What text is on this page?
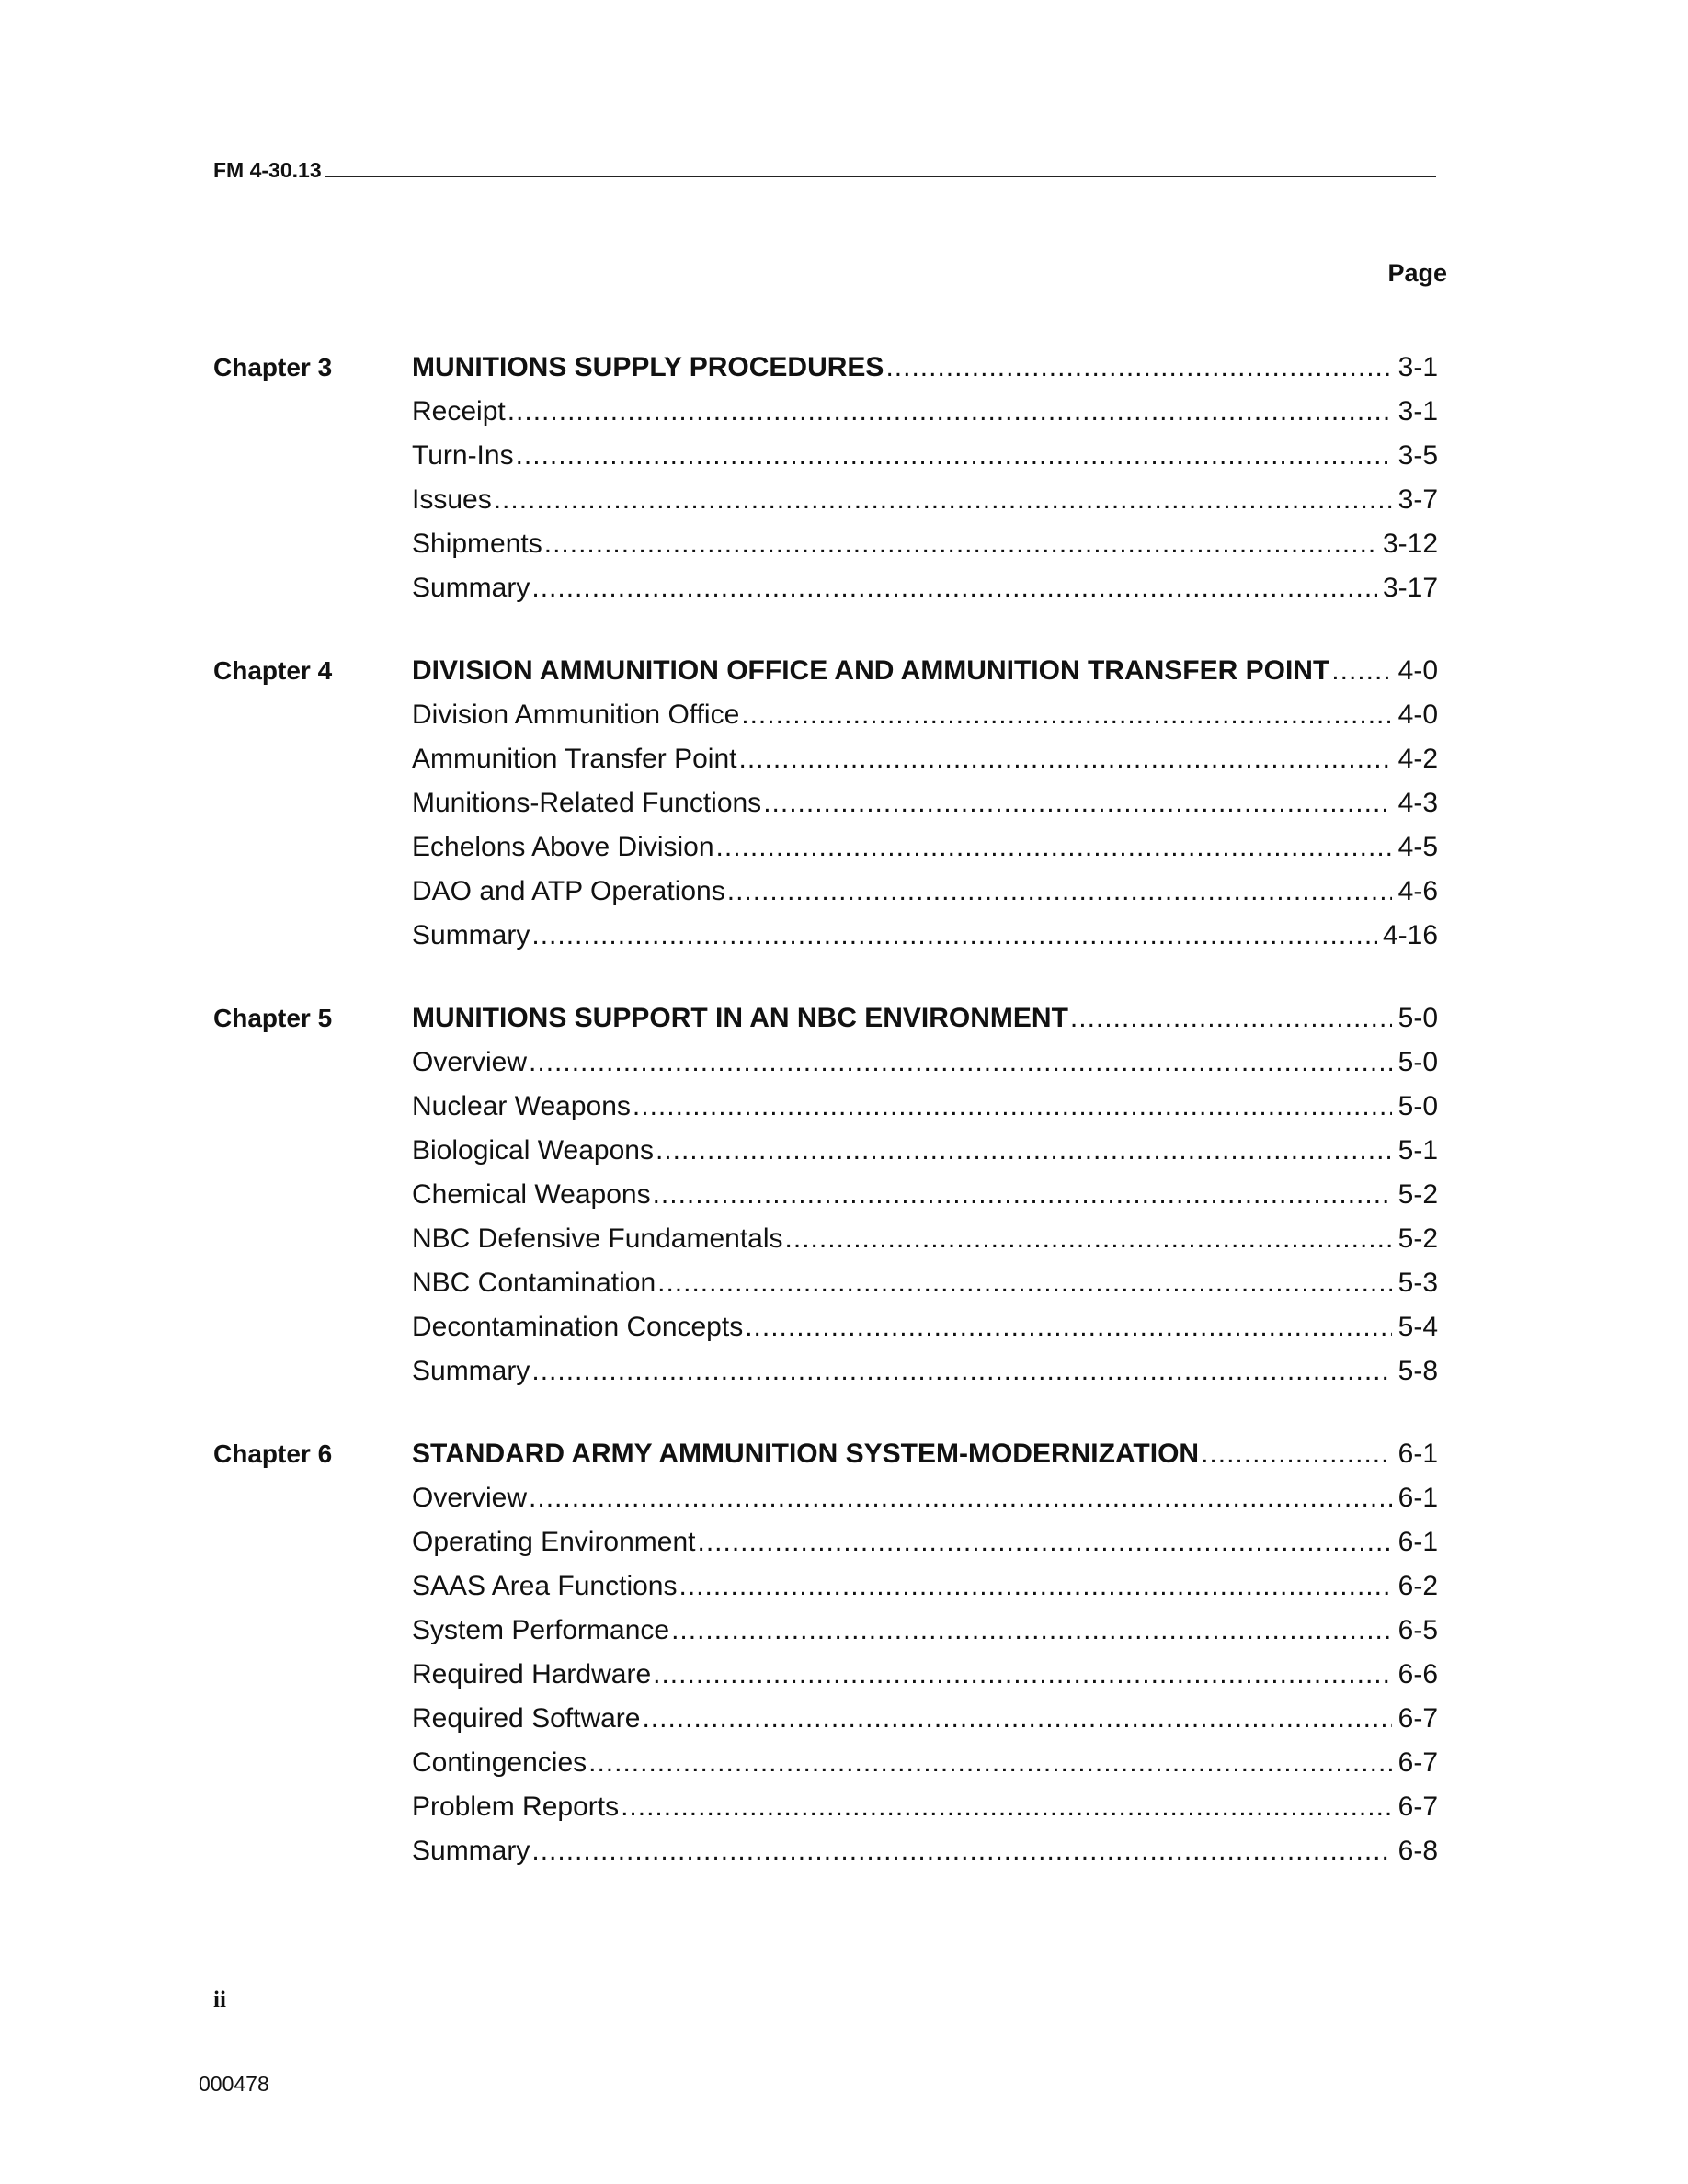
FM 4-30.13
Page
Chapter 3	MUNITIONS SUPPLY PROCEDURES .....	3-1
Receipt .....	3-1
Turn-Ins .....	3-5
Issues .....	3-7
Shipments .....	3-12
Summary .....	3-17
Chapter 4	DIVISION AMMUNITION OFFICE AND AMMUNITION TRANSFER POINT ..... 4-0
Division Ammunition Office .....	4-0
Ammunition Transfer Point .....	4-2
Munitions-Related Functions .....	4-3
Echelons Above Division .....	4-5
DAO and ATP Operations .....	4-6
Summary .....	4-16
Chapter 5	MUNITIONS SUPPORT IN AN NBC ENVIRONMENT .....	5-0
Overview .....	5-0
Nuclear Weapons .....	5-0
Biological Weapons .....	5-1
Chemical Weapons .....	5-2
NBC Defensive Fundamentals .....	5-2
NBC Contamination .....	5-3
Decontamination Concepts .....	5-4
Summary .....	5-8
Chapter 6	STANDARD ARMY AMMUNITION SYSTEM-MODERNIZATION .....	6-1
Overview .....	6-1
Operating Environment .....	6-1
SAAS Area Functions .....	6-2
System Performance .....	6-5
Required Hardware .....	6-6
Required Software .....	6-7
Contingencies .....	6-7
Problem Reports .....	6-7
Summary .....	6-8
ii
000478
